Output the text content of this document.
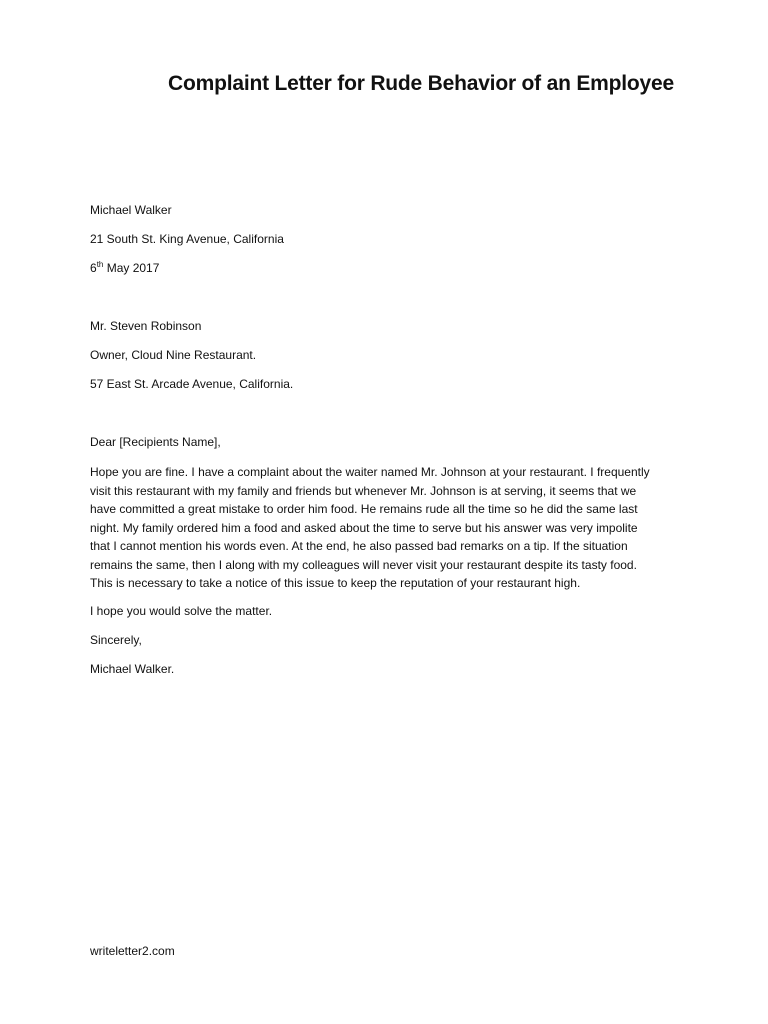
Complaint Letter for Rude Behavior of an Employee

Michael Walker

21 South St. King Avenue, California

6th May 2017

Mr. Steven Robinson

Owner, Cloud Nine Restaurant.

57 East St. Arcade Avenue, California.

Dear [Recipients Name],

Hope you are fine. I have a complaint about the waiter named Mr. Johnson at your restaurant. I frequently
visit this restaurant with my family and friends but whenever Mr. Johnson is at serving, it seems that we
have committed a great mistake to order him food. He remains rude all the time so he did the same last
night. My family ordered him a food and asked about the time to serve but his answer was very impolite
that I cannot mention his words even. At the end, he also passed bad remarks on a tip. If the situation
remains the same, then I along with my colleagues will never visit your restaurant despite its tasty food.
This is necessary to take a notice of this issue to keep the reputation of your restaurant high.

I hope you would solve the matter.

Sincerely,

Michael Walker.

writeletter2.com
